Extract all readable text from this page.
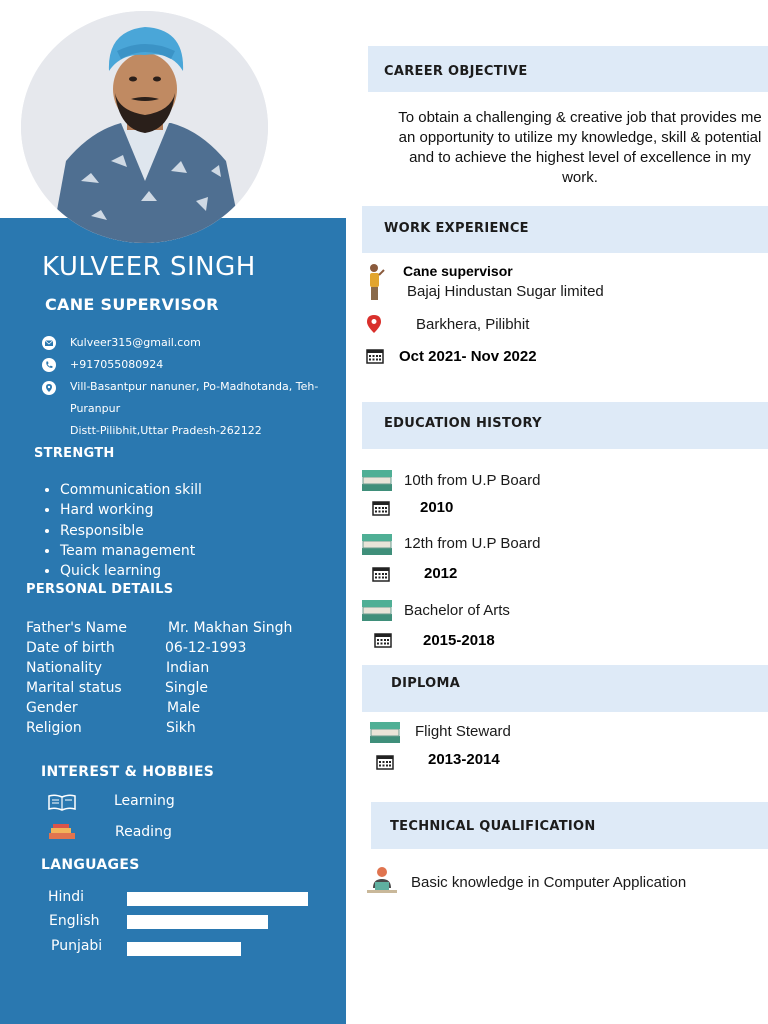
KULVEER SINGH
CANE SUPERVISOR
Kulveer315@gmail.com
+917055080924
Vill-Basantpur nanuner, Po-Madhotanda, Teh-
Puranpur
Distt-Pilibhit,Uttar Pradesh-262122
STRENGTH
• Communication skill
• Hard working
• Responsible
• Team management
• Quick learning
PERSONAL DETAILS
Father's Name	Mr. Makhan Singh
Date of birth	06-12-1993
Nationality	Indian
Marital status	Single
Gender	Male
Religion	Sikh
INTEREST & HOBBIES
Learning
Reading
LANGUAGES
Hindi
English
Punjabi
CAREER OBJECTIVE
To obtain a challenging & creative job that provides me an opportunity to utilize my knowledge, skill & potential and to achieve the highest level of excellence in my work.
WORK EXPERIENCE
Cane supervisor
Bajaj Hindustan Sugar limited
Barkhera, Pilibhit
Oct 2021- Nov 2022
EDUCATION HISTORY
10th from U.P Board
2010
12th from U.P Board
2012
Bachelor of Arts
2015-2018
DIPLOMA
Flight Steward
2013-2014
TECHNICAL QUALIFICATION
Basic knowledge in Computer Application
